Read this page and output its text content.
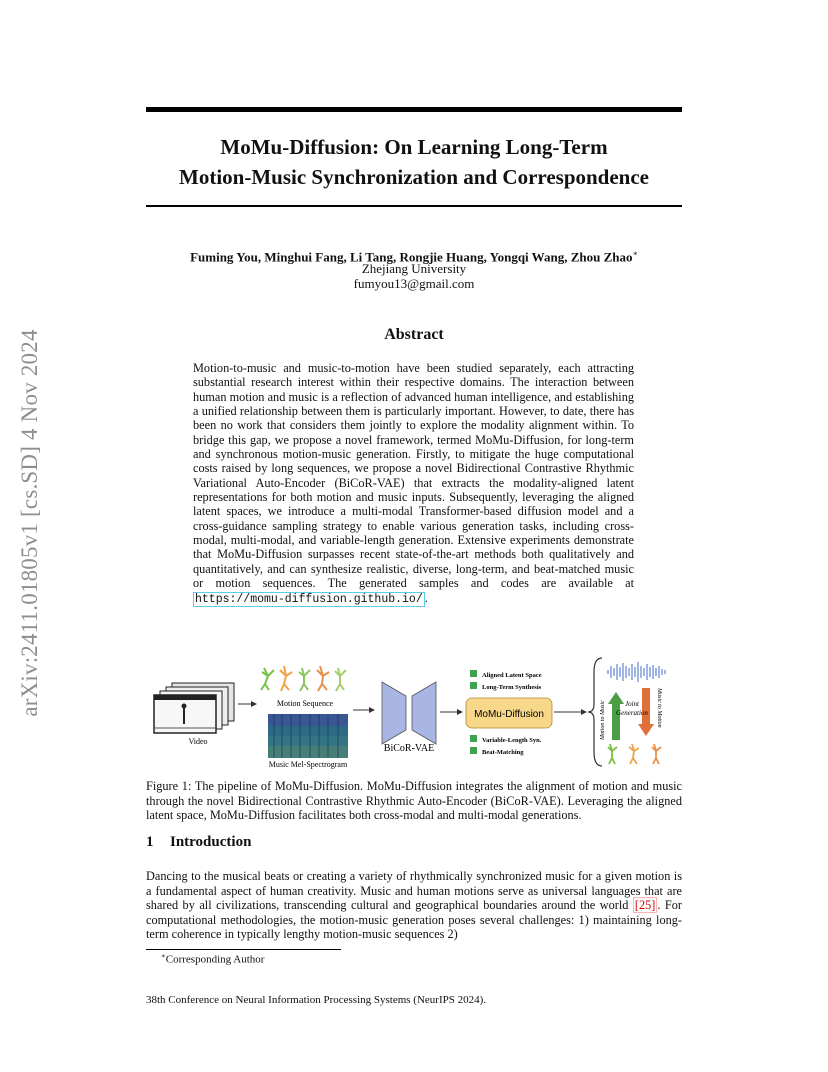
arXiv:2411.01805v1 [cs.SD] 4 Nov 2024
MoMu-Diffusion: On Learning Long-Term
Motion-Music Synchronization and Correspondence
Fuming You, Minghui Fang, Li Tang, Rongjie Huang, Yongqi Wang, Zhou Zhao∗
Zhejiang University
fumyou13@gmail.com
Abstract
Motion-to-music and music-to-motion have been studied separately, each attracting substantial research interest within their respective domains. The interaction between human motion and music is a reflection of advanced human intelligence, and establishing a unified relationship between them is particularly important. However, to date, there has been no work that considers them jointly to explore the modality alignment within. To bridge this gap, we propose a novel framework, termed MoMu-Diffusion, for long-term and synchronous motion-music generation. Firstly, to mitigate the huge computational costs raised by long sequences, we propose a novel Bidirectional Contrastive Rhythmic Variational Auto-Encoder (BiCoR-VAE) that extracts the modality-aligned latent representations for both motion and music inputs. Subsequently, leveraging the aligned latent spaces, we introduce a multi-modal Transformer-based diffusion model and a cross-guidance sampling strategy to enable various generation tasks, including cross-modal, multi-modal, and variable-length generation. Extensive experiments demonstrate that MoMu-Diffusion surpasses recent state-of-the-art methods both qualitatively and quantitatively, and can synthesize realistic, diverse, long-term, and beat-matched music or motion sequences. The generated samples and codes are available at https://momu-diffusion.github.io/ .
Video
Motion Sequence
Music Mel-Spectrogram
BiCoR-VAE
Aligned Latent Space
Long-Term Synthesis
MoMu-Diffusion
Variable-Length Syn.
Beat-Matching
Motion to Music	Music to Motion
Joint
Generation
Figure 1: The pipeline of MoMu-Diffusion. MoMu-Diffusion integrates the alignment of motion and music through the novel Bidirectional Contrastive Rhythmic Auto-Encoder (BiCoR-VAE). Leveraging the aligned latent space, MoMu-Diffusion facilitates both cross-modal and multi-modal generations.
1 Introduction
Dancing to the musical beats or creating a variety of rhythmically synchronized music for a given motion is a fundamental aspect of human creativity. Music and human motions serve as universal languages that are shared by all civilizations, transcending cultural and geographical boundaries around the world [25] . For computational methodologies, the motion-music generation poses several challenges: 1) maintaining long-term coherence in typically lengthy motion-music sequences 2)
∗Corresponding Author
38th Conference on Neural Information Processing Systems (NeurIPS 2024).
